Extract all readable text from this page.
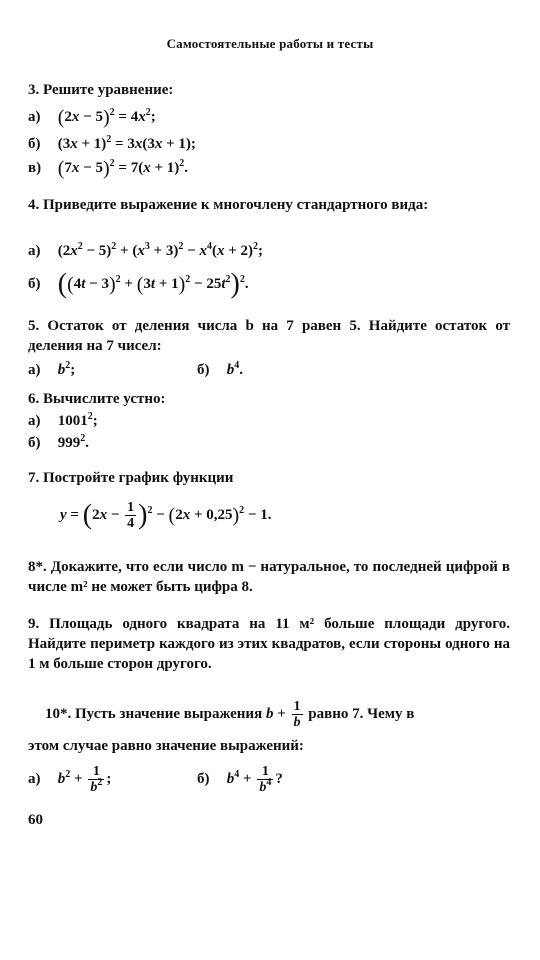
Самостоятельные работы и тесты
3. Решите уравнение:
а) $(2x - 5)^2 = 4x^2$;
б) $(3x + 1)^2 = 3x(3x + 1)$;
в) $(7x - 5)^2 = 7(x + 1)^2$.
4. Приведите выражение к многочлену стандартного вида:
а) $(2x^2 - 5)^2 + (x^3 + 3)^2 - x^4(x + 2)^2$;
б) $((4t - 3)^2 + (3t + 1)^2 - 25t^2)^2$.
5. Остаток от деления числа b на 7 равен 5. Найдите остаток от деления на 7 чисел:
а) $b^2$;	б) $b^4$.
6. Вычислите устно:
а) 1001$^2$;
б) $999^2$.
7. Постройте график функции
$y = (2x - \frac{1}{4} )^2 - (2x + 0,25)^2 - 1$.
8*. Докажите, что если число m − натуральное, то последней цифрой в числе m² не может быть цифра 8.
9. Площадь одного квадрата на 11 м² больше площади другого. Найдите периметр каждого из этих квадратов, если стороны одного на 1 м больше сторон другого.
10*. Пусть значение выражения $b + \frac{1}{b}$ равно 7. Чему в
этом случае равно значение выражений:
а) $b^2 + \frac{1}{b^2}$ ;	б) $b^4 + \frac{1}{b^4}$ ?
60
